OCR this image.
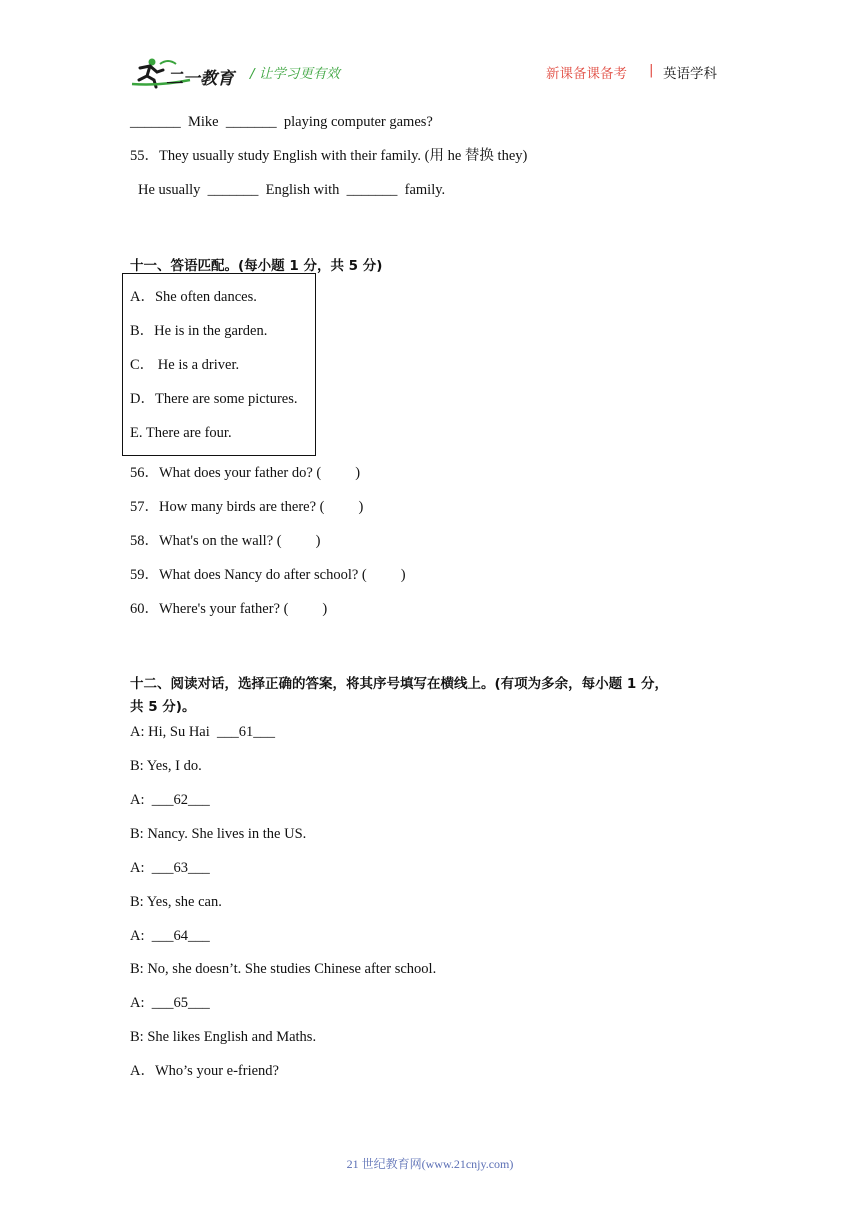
二一教育 / 让学习更有效	新课备课备考 | 英语学科
_______ Mike _______ playing computer games?
55．They usually study English with their family. (用 he 替换 they)
He usually _______ English with _______ family.
十一、答语匹配。(每小题 1 分，共 5 分)
A．She often dances.
B．He is in the garden.
C． He is a driver.
D．There are some pictures.
E. There are four.
56．What does your father do? ( )
57．How many birds are there? ( )
58．What's on the wall? ( )
59．What does Nancy do after school? ( )
60．Where's your father? ( )
十二、阅读对话，选择正确的答案，将其序号填写在横线上。(有项为多余，每小题 1 分，
共 5 分)。
A: Hi, Su Hai ___61___
B: Yes, I do.
A: ___62___
B: Nancy. She lives in the US.
A: ___63___
B: Yes, she can.
A: ___64___
B: No, she doesn’t. She studies Chinese after school.
A: ___65___
B: She likes English and Maths.
A．Who’s your e-friend?
21 世纪教育网(www.21cnjy.com)
